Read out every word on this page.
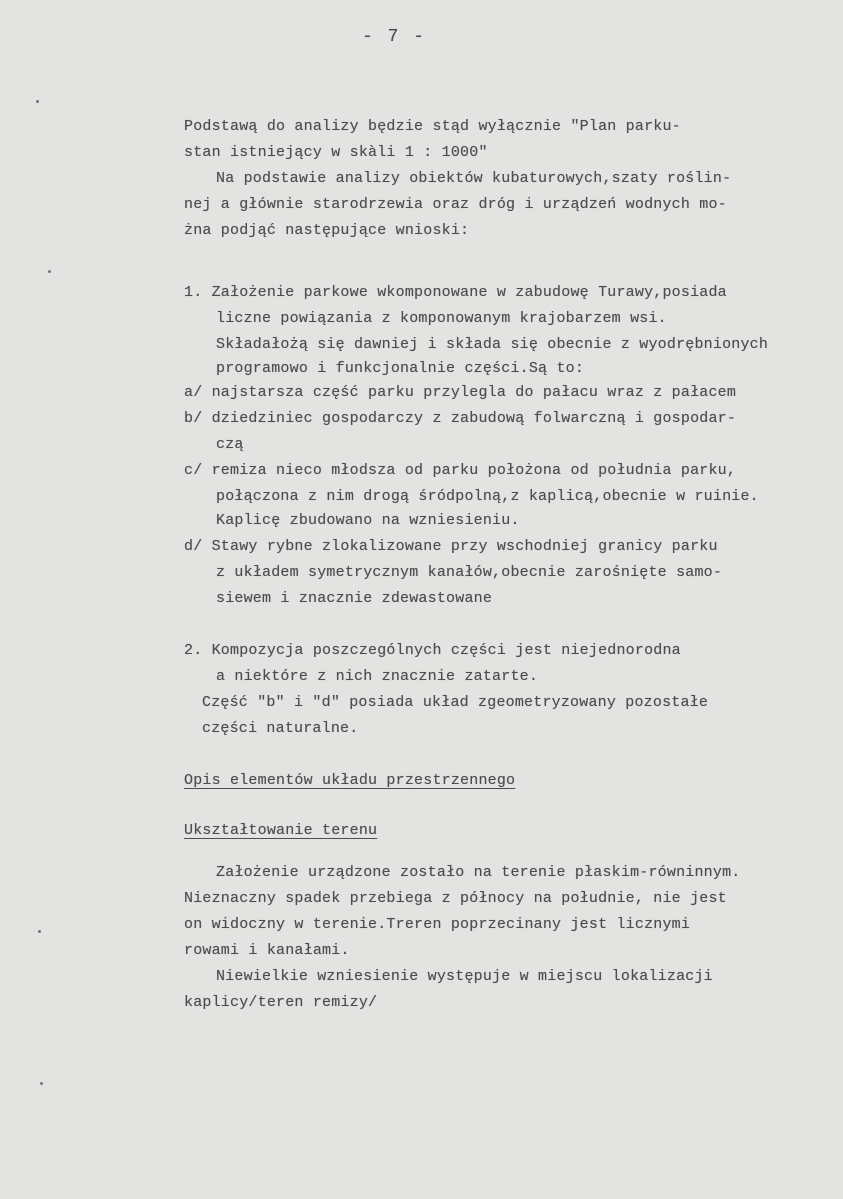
- 7 -
Podstawą do analizy będzie stąd wyłącznie "Plan parku-
stan istniejący w skàli 1 : 1000"
Na podstawie analizy obiektów kubaturowych,szaty roślin-
nej a głównie starodrzewia oraz dróg i urządzeń wodnych mo-
żna podjąć następujące wnioski:
1. Założenie parkowe wkomponowane w zabudowę Turawy,posiada
liczne powiązania z komponowanym krajobarzem wsi.
Składałożą się dawniej i składa się obecnie z wyodrębnionych
programowo i funkcjonalnie części.Są to:
a/ najstarsza część parku przylegla do pałacu wraz z pałacem
b/ dziedziniec gospodarczy z zabudową folwarczną i gospodar-
czą
c/ remiza nieco młodsza od parku położona od południa parku,
połączona z nim drogą śródpolną,z kaplicą,obecnie w ruinie.
Kaplicę zbudowano na wzniesieniu.
d/ Stawy rybne zlokalizowane przy wschodniej granicy parku
z układem symetrycznym kanałów,obecnie zarośnięte samo-
siewem i znacznie zdewastowane
2. Kompozycja poszczególnych części jest niejednorodna
a niektóre z nich znacznie zatarte.
Część "b" i "d" posiada układ zgeometryzowany pozostałe
części naturalne.
Opis elementów układu przestrzennego
Ukształtowanie terenu
Założenie urządzone zostało na terenie płaskim-równinnym.
Nieznaczny spadek przebiega z północy na południe, nie jest
on widoczny w terenie.Treren poprzecinany jest licznymi
rowami i kanałami.
Niewielkie wzniesienie występuje w miejscu lokalizacji
kaplicy/teren remizy/
